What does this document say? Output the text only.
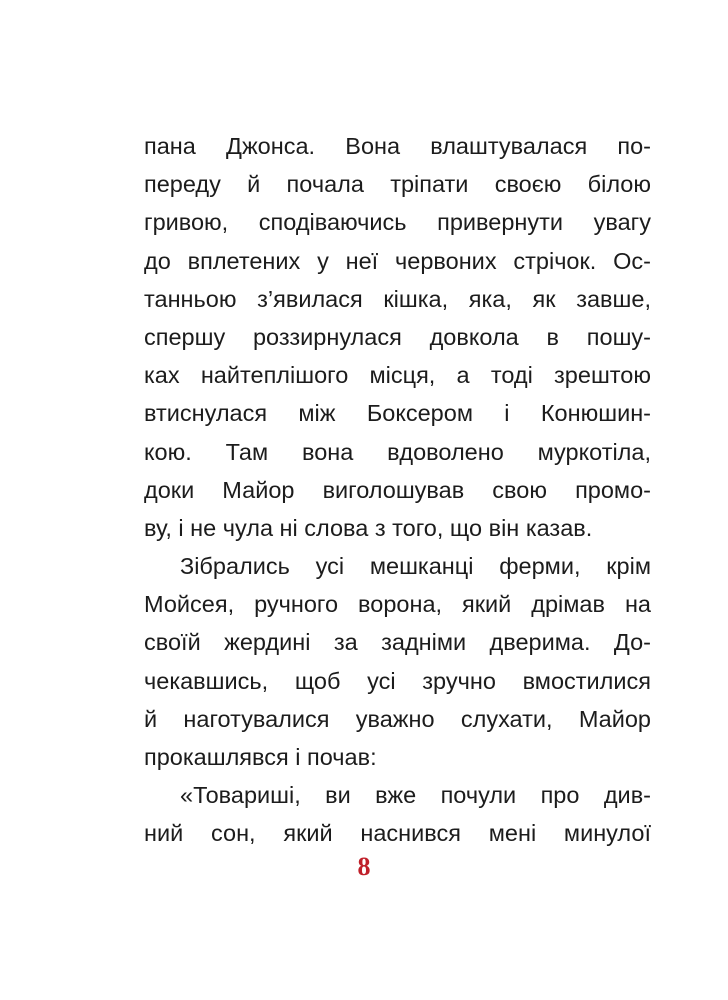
пана Джонса. Вона влаштувалася по-
переду й почала тріпати своєю білою
гривою, сподіваючись привернути увагу
до вплетених у неї червоних стрічок. Ос-
танньою з’явилася кішка, яка, як завше,
спершу роззирнулася довкола в пошу-
ках найтеплішого місця, а тоді зрештою
втиснулася між Боксером і Конюшин-
кою. Там вона вдоволено муркотіла,
доки Майор виголошував свою промо-
ву, і не чула ні слова з того, що він казав.
Зібрались усі мешканці ферми, крім
Мойсея, ручного ворона, який дрімав на
своїй жердині за задніми дверима. До-
чекавшись, щоб усі зручно вмостилися
й наготувалися уважно слухати, Майор
прокашлявся і почав:
«Товариші, ви вже почули про див-
ний сон, який наснився мені минулої
8
